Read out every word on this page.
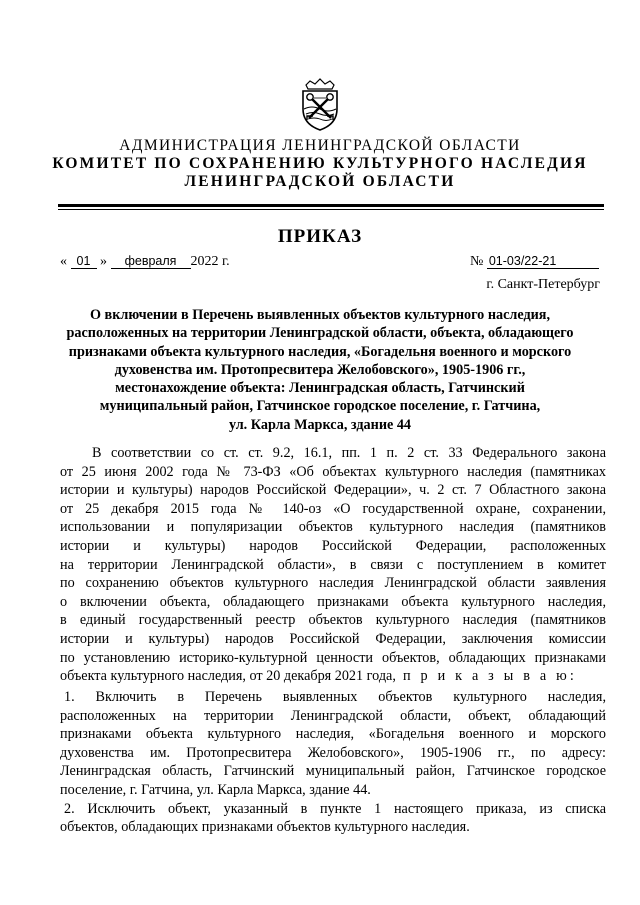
АДМИНИСТРАЦИЯ ЛЕНИНГРАДСКОЙ ОБЛАСТИ
КОМИТЕТ ПО СОХРАНЕНИЮ КУЛЬТУРНОГО НАСЛЕДИЯ
ЛЕНИНГРАДСКОЙ ОБЛАСТИ
ПРИКАЗ
« 01 » февраля 2022 г.	№ 01-03/22-21
г. Санкт-Петербург
О включении в Перечень выявленных объектов культурного наследия,
расположенных на территории Ленинградской области, объекта, обладающего
признаками объекта культурного наследия, «Богадельня военного и морского
духовенства им. Протопресвитера Желобовского», 1905-1906 гг.,
местонахождение объекта: Ленинградская область, Гатчинский
муниципальный район, Гатчинское городское поселение, г. Гатчина,
ул. Карла Маркса, здание 44
В соответствии со ст. ст. 9.2, 16.1, пп. 1 п. 2 ст. 33 Федерального закона
от 25 июня 2002 года № 73-ФЗ «Об объектах культурного наследия (памятниках
истории и культуры) народов Российской Федерации», ч. 2 ст. 7 Областного закона
от 25 декабря 2015 года № 140-оз «О государственной охране, сохранении,
использовании и популяризации объектов культурного наследия (памятников
истории и культуры) народов Российской Федерации, расположенных
на территории Ленинградской области», в связи с поступлением в комитет
по сохранению объектов культурного наследия Ленинградской области заявления
о включении объекта, обладающего признаками объекта культурного наследия,
в единый государственный реестр объектов культурного наследия (памятников
истории и культуры) народов Российской Федерации, заключения комиссии
по установлению историко-культурной ценности объектов, обладающих признаками
объекта культурного наследия, от 20 декабря 2021 года, п р и к а з ы в а ю:
1. Включить в Перечень выявленных объектов культурного наследия,
расположенных на территории Ленинградской области, объект, обладающий
признаками объекта культурного наследия, «Богадельня военного и морского
духовенства им. Протопресвитера Желобовского», 1905-1906 гг., по адресу:
Ленинградская область, Гатчинский муниципальный район, Гатчинское городское
поселение, г. Гатчина, ул. Карла Маркса, здание 44.
2. Исключить объект, указанный в пункте 1 настоящего приказа, из списка
объектов, обладающих признаками объектов культурного наследия.
